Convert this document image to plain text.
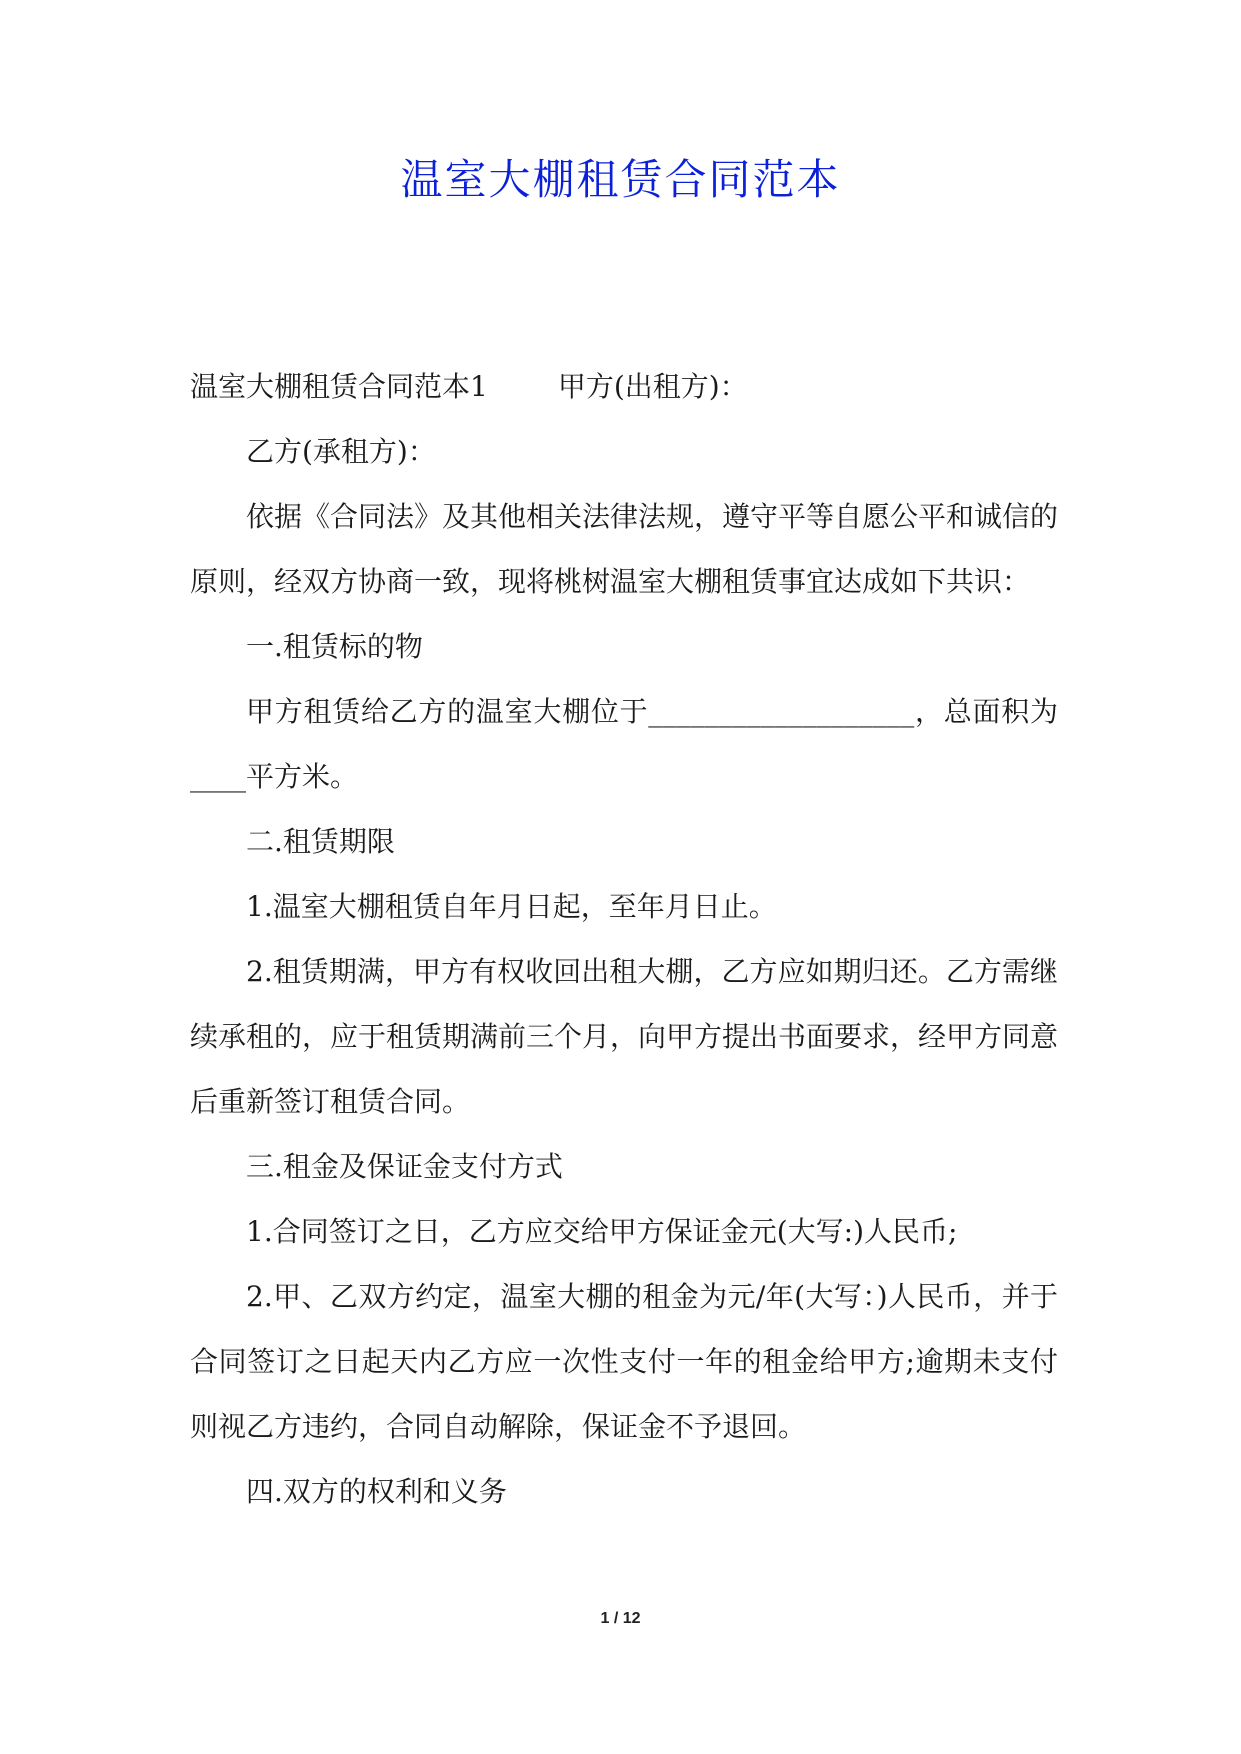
温室大棚租赁合同范本

温室大棚租赁合同范本1	甲方(出租方)：

乙方(承租方)：

依据《合同法》及其他相关法律法规，遵守平等自愿公平和诚信的原则，经双方协商一致，现将桃树温室大棚租赁事宜达成如下共识：

一.租赁标的物

甲方租赁给乙方的温室大棚位于___________________，总面积为____平方米。

二.租赁期限

1.温室大棚租赁自年月日起，至年月日止。

2.租赁期满，甲方有权收回出租大棚，乙方应如期归还。乙方需继续承租的，应于租赁期满前三个月，向甲方提出书面要求，经甲方同意后重新签订租赁合同。

三.租金及保证金支付方式

1.合同签订之日，乙方应交给甲方保证金元(大写:)人民币;

2.甲、乙双方约定，温室大棚的租金为元/年(大写：)人民币，并于合同签订之日起天内乙方应一次性支付一年的租金给甲方;逾期未支付则视乙方违约，合同自动解除，保证金不予退回。

四.双方的权利和义务

1 / 12
